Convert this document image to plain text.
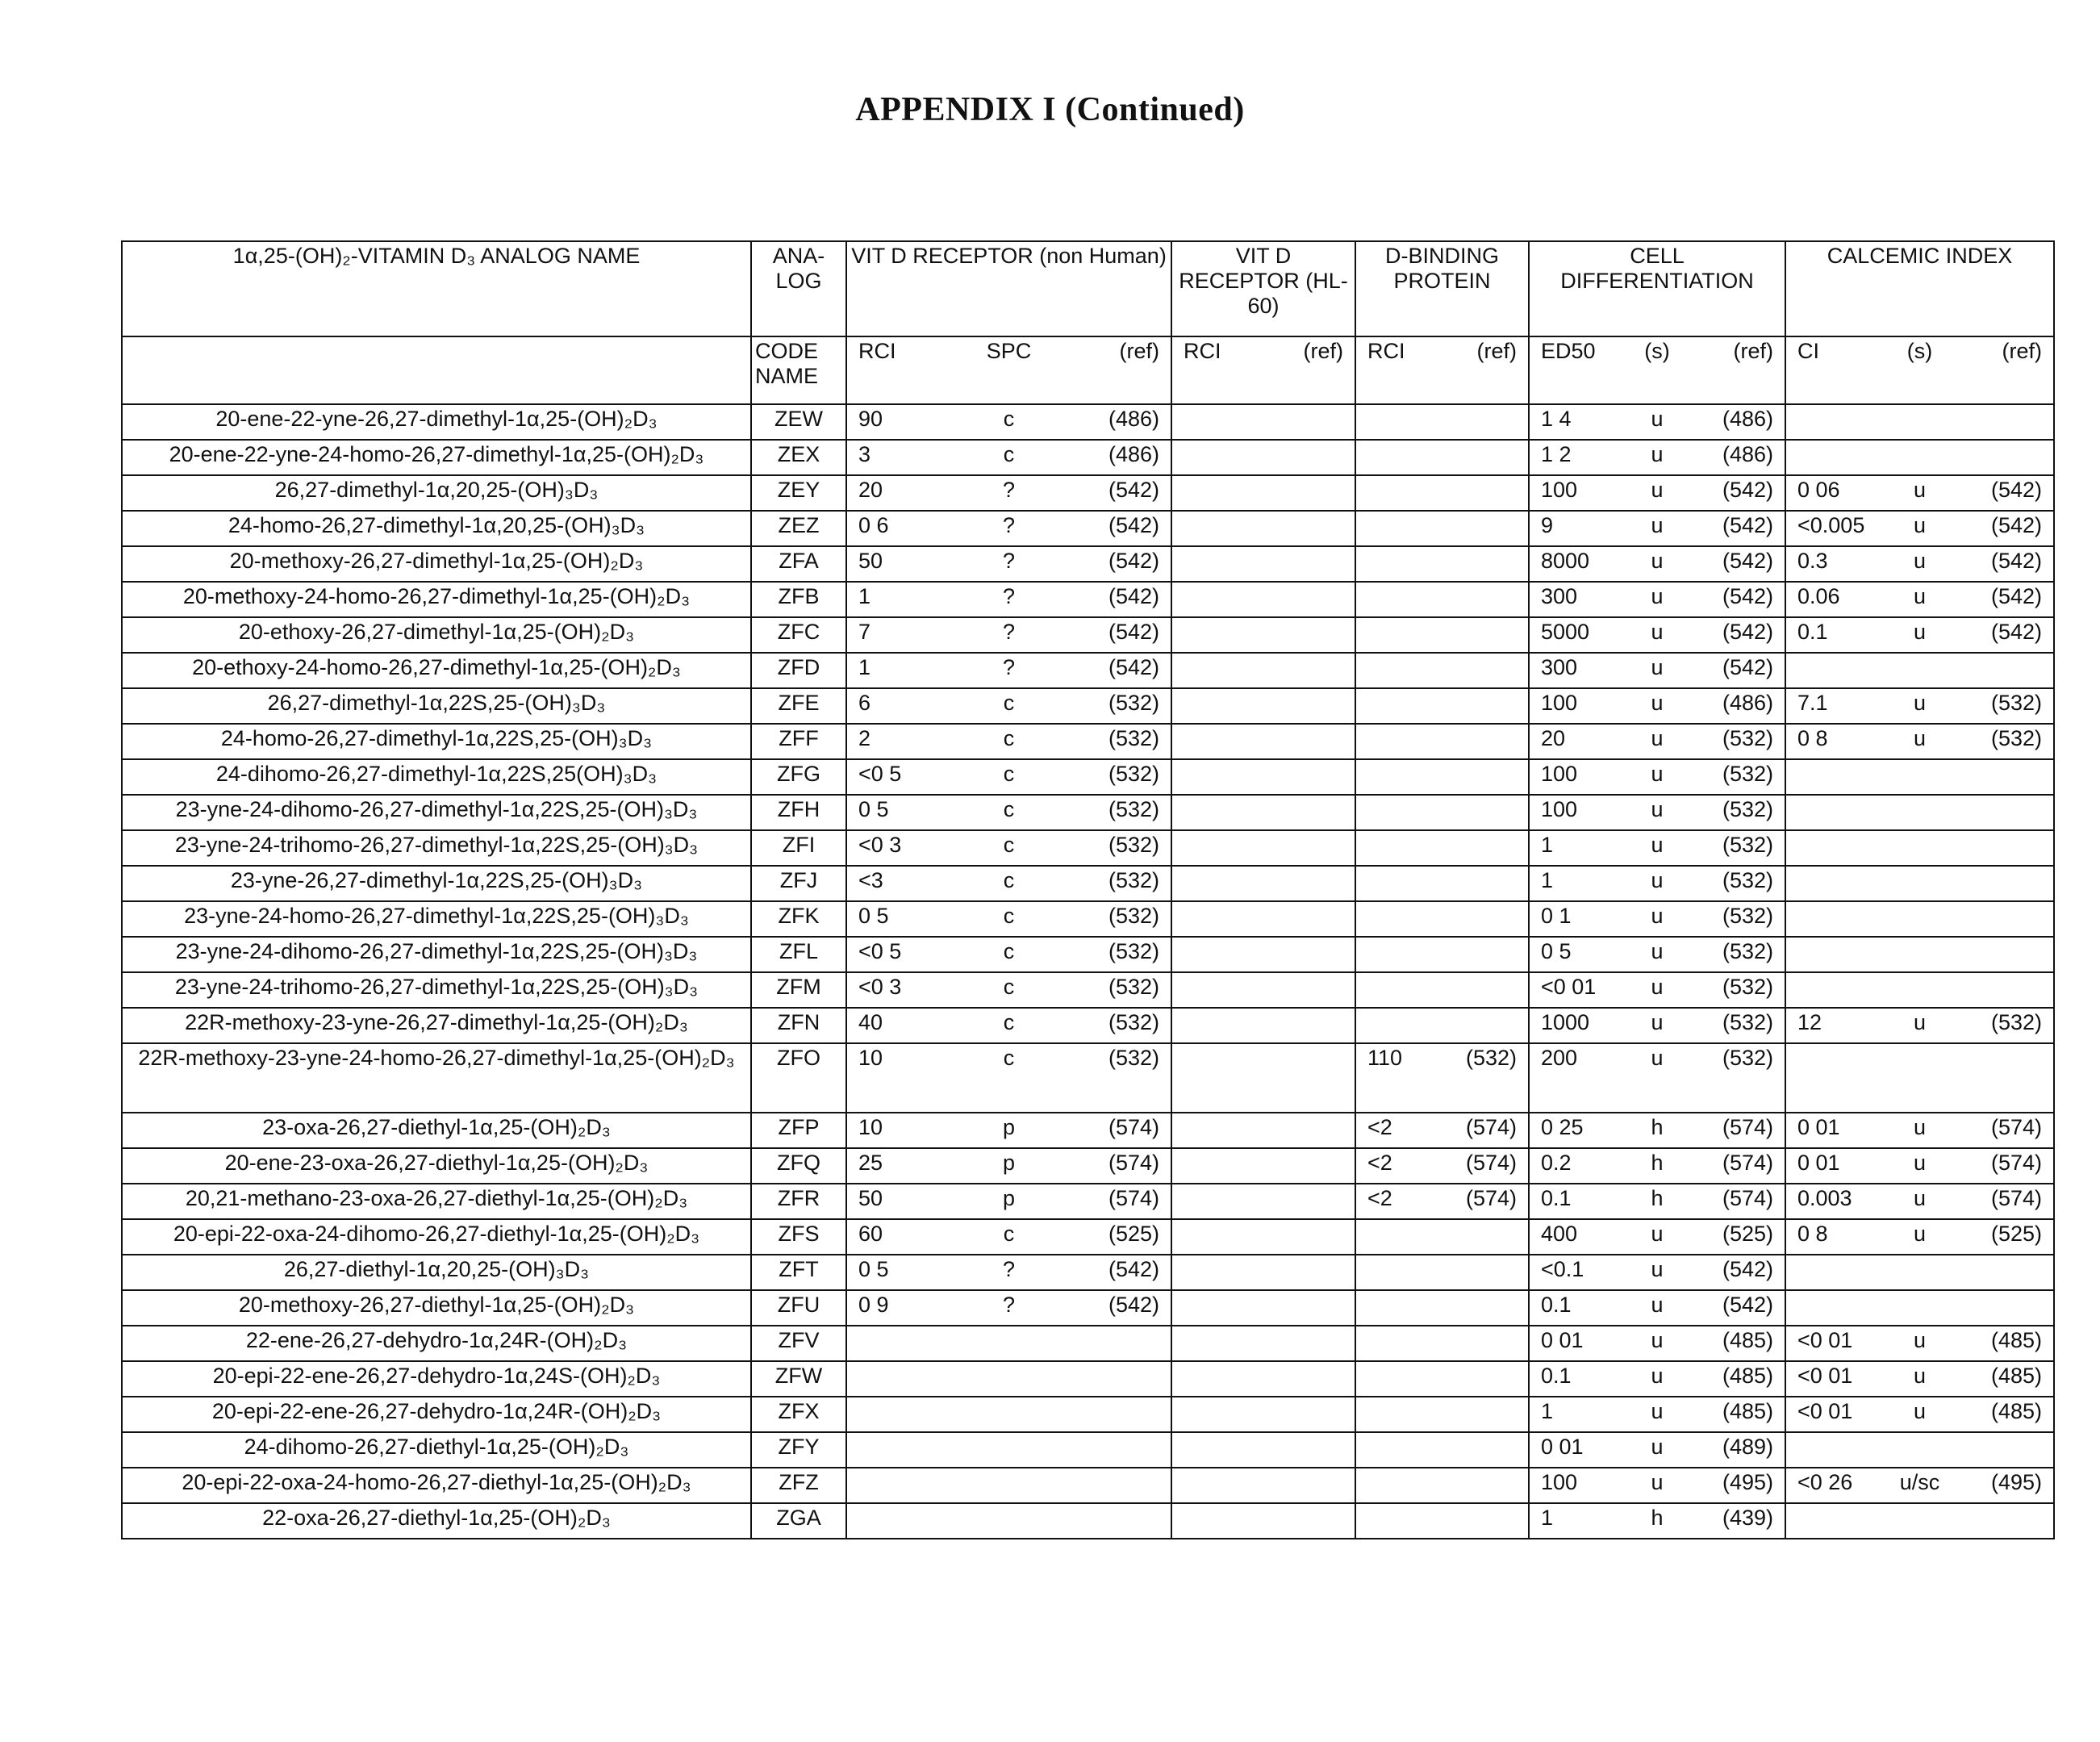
APPENDIX I (Continued)
1α,25-(OH)₂-VITAMIN D₃ ANALOG NAME	ANA-LOG	VIT D RECEPTOR (non Human)	VIT D RECEPTOR (HL-60)	D-BINDING PROTEIN	CELL DIFFERENTIATION	CALCEMIC INDEX
	CODE NAME	RCI SPC (ref)	RCI (ref)	RCI (ref)	ED50 (s) (ref)	CI (s) (ref)

20-ene-22-yne-26,27-dimethyl-1α,25-(OH)₂D₃	ZEW	90 c (486)			1 4 u (486)	

20-ene-22-yne-24-homo-26,27-dimethyl-1α,25-(OH)₂D₃	ZEX	3 c (486)			1 2 u (486)	

26,27-dimethyl-1α,20,25-(OH)₃D₃	ZEY	20 ? (542)			100 u (542)	0 06 u (542)

24-homo-26,27-dimethyl-1α,20,25-(OH)₃D₃	ZEZ	0 6 ? (542)			9 u (542)	<0.005 u (542)

20-methoxy-26,27-dimethyl-1α,25-(OH)₂D₃	ZFA	50 ? (542)			8000 u (542)	0.3 u (542)

20-methoxy-24-homo-26,27-dimethyl-1α,25-(OH)₂D₃	ZFB	1 ? (542)			300 u (542)	0.06 u (542)

20-ethoxy-26,27-dimethyl-1α,25-(OH)₂D₃	ZFC	7 ? (542)			5000 u (542)	0.1 u (542)

20-ethoxy-24-homo-26,27-dimethyl-1α,25-(OH)₂D₃	ZFD	1 ? (542)			300 u (542)	

26,27-dimethyl-1α,22S,25-(OH)₃D₃	ZFE	6 c (532)			100 u (486)	7.1 u (532)

24-homo-26,27-dimethyl-1α,22S,25-(OH)₃D₃	ZFF	2 c (532)			20 u (532)	0 8 u (532)

24-dihomo-26,27-dimethyl-1α,22S,25(OH)₃D₃	ZFG	<0 5 c (532)			100 u (532)	

23-yne-24-dihomo-26,27-dimethyl-1α,22S,25-(OH)₃D₃	ZFH	0 5 c (532)			100 u (532)	

23-yne-24-trihomo-26,27-dimethyl-1α,22S,25-(OH)₃D₃	ZFI	<0 3 c (532)			1 u (532)	

23-yne-26,27-dimethyl-1α,22S,25-(OH)₃D₃	ZFJ	<3 c (532)			1 u (532)	

23-yne-24-homo-26,27-dimethyl-1α,22S,25-(OH)₃D₃	ZFK	0 5 c (532)			0 1 u (532)	

23-yne-24-dihomo-26,27-dimethyl-1α,22S,25-(OH)₃D₃	ZFL	<0 5 c (532)			0 5 u (532)	

23-yne-24-trihomo-26,27-dimethyl-1α,22S,25-(OH)₃D₃	ZFM	<0 3 c (532)			<0 01 u (532)	

22R-methoxy-23-yne-26,27-dimethyl-1α,25-(OH)₂D₃	ZFN	40 c (532)			1000 u (532)	12 u (532)

22R-methoxy-23-yne-24-homo-26,27-dimethyl-1α,25-(OH)₂D₃	ZFO	10 c (532)		110 (532)	200 u (532)	

23-oxa-26,27-diethyl-1α,25-(OH)₂D₃	ZFP	10 p (574)		<2 (574)	0 25 h (574)	0 01 u (574)

20-ene-23-oxa-26,27-diethyl-1α,25-(OH)₂D₃	ZFQ	25 p (574)		<2 (574)	0.2 h (574)	0 01 u (574)

20,21-methano-23-oxa-26,27-diethyl-1α,25-(OH)₂D₃	ZFR	50 p (574)		<2 (574)	0.1 h (574)	0.003 u (574)

20-epi-22-oxa-24-dihomo-26,27-diethyl-1α,25-(OH)₂D₃	ZFS	60 c (525)			400 u (525)	0 8 u (525)

26,27-diethyl-1α,20,25-(OH)₃D₃	ZFT	0 5 ? (542)			<0.1 u (542)	

20-methoxy-26,27-diethyl-1α,25-(OH)₂D₃	ZFU	0 9 ? (542)			0.1 u (542)	

22-ene-26,27-dehydro-1α,24R-(OH)₂D₃	ZFV				0 01 u (485)	<0 01 u (485)

20-epi-22-ene-26,27-dehydro-1α,24S-(OH)₂D₃	ZFW				0.1 u (485)	<0 01 u (485)

20-epi-22-ene-26,27-dehydro-1α,24R-(OH)₂D₃	ZFX				1 u (485)	<0 01 u (485)

24-dihomo-26,27-diethyl-1α,25-(OH)₂D₃	ZFY				0 01 u (489)	

20-epi-22-oxa-24-homo-26,27-diethyl-1α,25-(OH)₂D₃	ZFZ				100 u (495)	<0 26 u/sc (495)

22-oxa-26,27-diethyl-1α,25-(OH)₂D₃	ZGA				1 h (439)	
